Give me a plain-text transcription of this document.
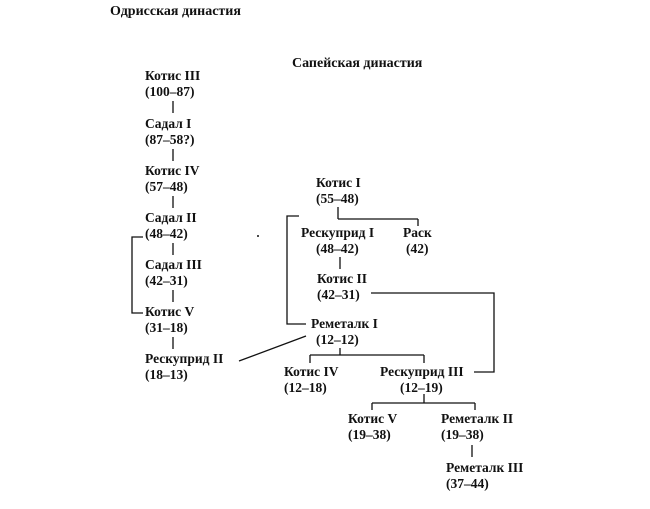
Одрисская династия
Сапейская династия
Котис III
(100–87)
Садал I
(87–58?)
Котис IV
(57–48)
Садал II
(48–42)
Садал III
(42–31)
Котис V
(31–18)
Рескуприд II
(18–13)
Котис I
(55–48)
Рескуприд I
(48–42)
Раск
(42)
Котис II
(42–31)
Реметалк I
(12–12)
Котис IV
(12–18)
Рескуприд III
(12–19)
Котис V
(19–38)
Реметалк II
(19–38)
Реметалк III
(37–44)
